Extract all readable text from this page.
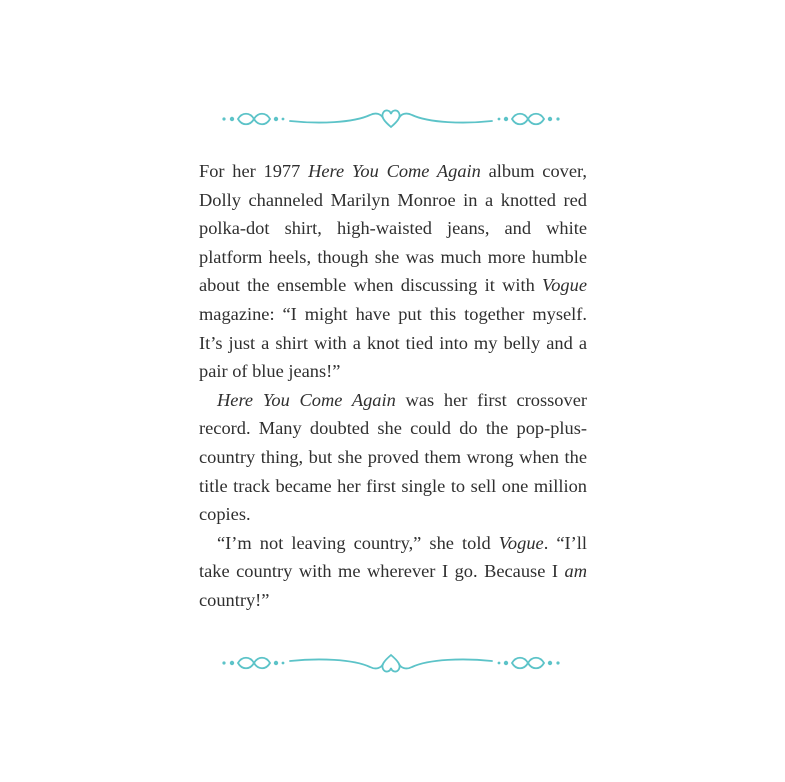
For her 1977 Here You Come Again album cover, Dolly channeled Marilyn Monroe in a knotted red polka-dot shirt, high-waisted jeans, and white platform heels, though she was much more humble about the ensemble when discussing it with Vogue magazine: “I might have put this together myself. It’s just a shirt with a knot tied into my belly and a pair of blue jeans!”

Here You Come Again was her first crossover record. Many doubted she could do the pop-plus-country thing, but she proved them wrong when the title track became her first single to sell one million copies.

“I’m not leaving country,” she told Vogue. “I’ll take country with me wherever I go. Because I am country!”
